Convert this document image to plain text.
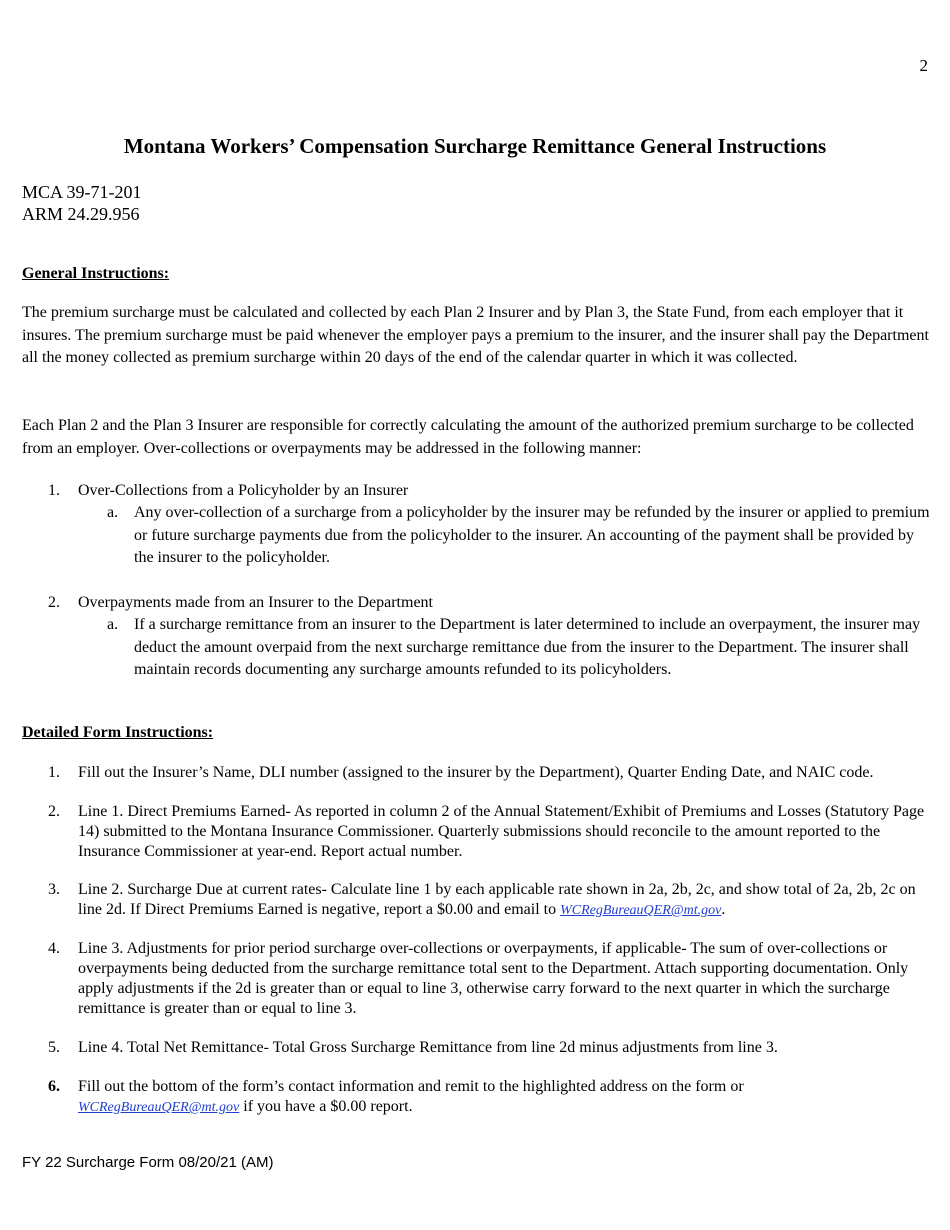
2
Montana Workers’ Compensation Surcharge Remittance General Instructions
MCA 39-71-201
ARM 24.29.956
General Instructions:

The premium surcharge must be calculated and collected by each Plan 2 Insurer and by Plan 3, the State Fund, from each employer that it insures. The premium surcharge must be paid whenever the employer pays a premium to the insurer, and the insurer shall pay the Department all the money collected as premium surcharge within 20 days of the end of the calendar quarter in which it was collected.

Each Plan 2 and the Plan 3 Insurer are responsible for correctly calculating the amount of the authorized premium surcharge to be collected from an employer. Over-collections or overpayments may be addressed in the following manner:

1. Over-Collections from a Policyholder by an Insurer

a. Any over-collection of a surcharge from a policyholder by the insurer may be refunded by the insurer or applied to premium or future surcharge payments due from the policyholder to the insurer. An accounting of the payment shall be provided by the insurer to the policyholder.

2. Overpayments made from an Insurer to the Department

a. If a surcharge remittance from an insurer to the Department is later determined to include an overpayment, the insurer may deduct the amount overpaid from the next surcharge remittance due from the insurer to the Department. The insurer shall maintain records documenting any surcharge amounts refunded to its policyholders.

Detailed Form Instructions:
1. Fill out the Insurer’s Name, DLI number (assigned to the insurer by the Department), Quarter Ending Date, and NAIC code.

2. Line 1. Direct Premiums Earned- As reported in column 2 of the Annual Statement/Exhibit of Premiums and Losses (Statutory Page 14) submitted to the Montana Insurance Commissioner. Quarterly submissions should reconcile to the amount reported to the Insurance Commissioner at year-end. Report actual number.

3. Line 2. Surcharge Due at current rates- Calculate line 1 by each applicable rate shown in 2a, 2b, 2c, and show total of 2a, 2b, 2c on line 2d. If Direct Premiums Earned is negative, report a $0.00 and email to WCRegBureauQER@mt.gov.

4. Line 3. Adjustments for prior period surcharge over-collections or overpayments, if applicable- The sum of over-collections or overpayments being deducted from the surcharge remittance total sent to the Department. Attach supporting documentation. Only apply adjustments if the 2d is greater than or equal to line 3, otherwise carry forward to the next quarter in which the surcharge remittance is greater than or equal to line 3.

5. Line 4. Total Net Remittance- Total Gross Surcharge Remittance from line 2d minus adjustments from line 3.

6. Fill out the bottom of the form’s contact information and remit to the highlighted address on the form or
WCRegBureauQER@mt.gov if you have a $0.00 report.

FY 22 Surcharge Form 08/20/21 (AM)
